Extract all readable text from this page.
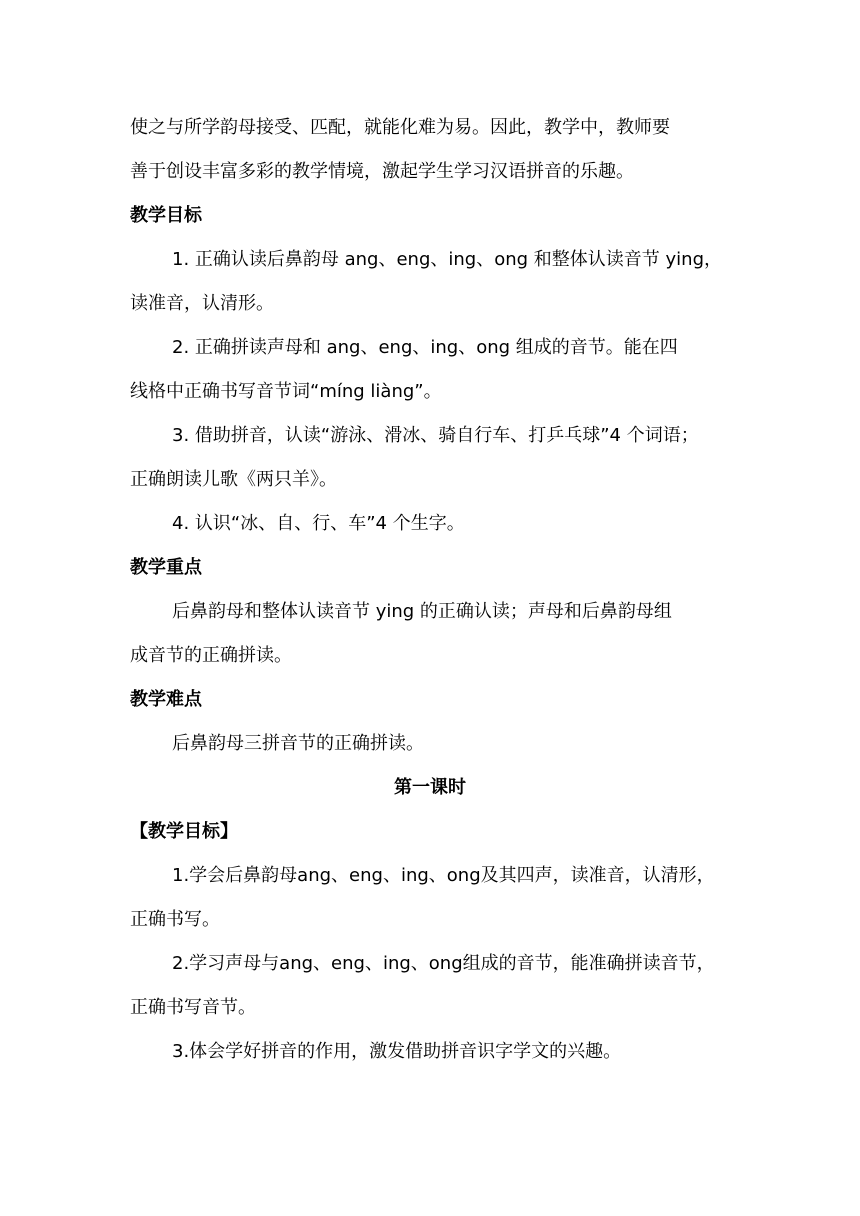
使之与所学韵母接受、匹配，就能化难为易。因此，教学中，教师要

善于创设丰富多彩的教学情境，激起学生学习汉语拼音的乐趣。

教学目标

1. 正确认读后鼻韵母 ang、eng、ing、ong 和整体认读音节 ying，

读准音，认清形。

2. 正确拼读声母和 ang、eng、ing、ong 组成的音节。能在四

线格中正确书写音节词“míng liàng”。

3. 借助拼音，认读“游泳、滑冰、骑自行车、打乒乓球”4 个词语；

正确朗读儿歌《两只羊》。

4. 认识“冰、自、行、车”4 个生字。

教学重点

后鼻韵母和整体认读音节 ying 的正确认读；声母和后鼻韵母组

成音节的正确拼读。

教学难点

后鼻韵母三拼音节的正确拼读。

第一课时

【教学目标】

1.学会后鼻韵母ang、eng、ing、ong及其四声，读准音，认清形，

正确书写。

2.学习声母与ang、eng、ing、ong组成的音节，能准确拼读音节，

正确书写音节。

3.体会学好拼音的作用，激发借助拼音识字学文的兴趣。
